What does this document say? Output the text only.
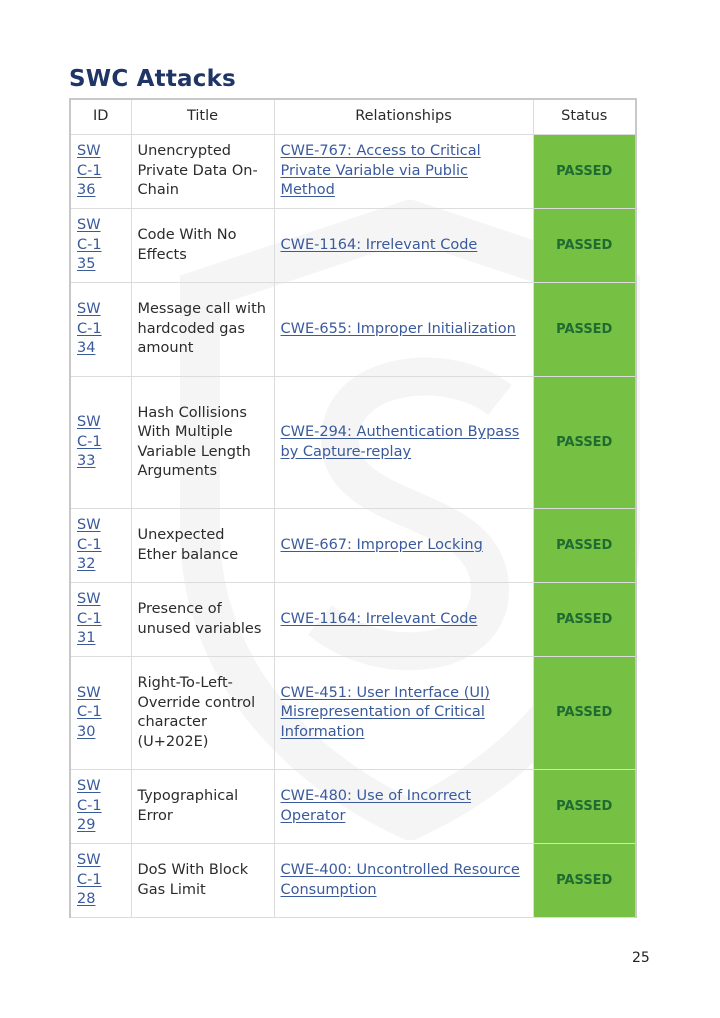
SWC Attacks
ID	Title	Relationships	Status
SW
C-1
36	Unencrypted Private Data On-Chain	CWE-767: Access to Critical Private Variable via Public Method	PASSED
SW
C-1
35	Code With No Effects	CWE-1164: Irrelevant Code	PASSED
SW
C-1
34	Message call with hardcoded gas amount	CWE-655: Improper Initialization	PASSED
SW
C-1
33	Hash Collisions With Multiple Variable Length Arguments	CWE-294: Authentication Bypass by Capture-replay	PASSED
SW
C-1
32	Unexpected Ether balance	CWE-667: Improper Locking	PASSED
SW
C-1
31	Presence of unused variables	CWE-1164: Irrelevant Code	PASSED
SW
C-1
30	Right-To-Left-Override control character (U+202E)	CWE-451: User Interface (UI) Misrepresentation of Critical Information	PASSED
SW
C-1
29	Typographical Error	CWE-480: Use of Incorrect Operator	PASSED
SW
C-1
28	DoS With Block Gas Limit	CWE-400: Uncontrolled Resource Consumption	PASSED
25
